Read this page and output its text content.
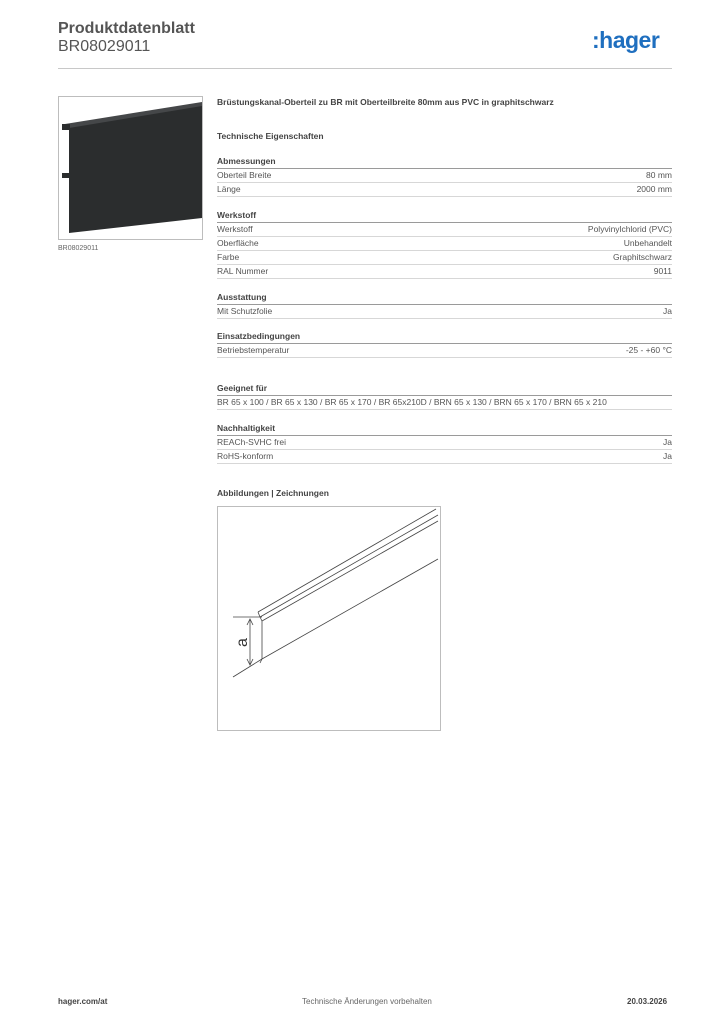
Produktdatenblatt
BR08029011	:hager
BR08029011
Brüstungskanal-Oberteil zu BR mit Oberteilbreite 80mm aus PVC in graphitschwarz
Technische Eigenschaften
Abmessungen
Oberteil Breite	80 mm
Länge	2000 mm
Werkstoff
Werkstoff	Polyvinylchlorid (PVC)
Oberfläche	Unbehandelt
Farbe	Graphitschwarz
RAL Nummer	9011
Ausstattung
Mit Schutzfolie	Ja
Einsatzbedingungen
Betriebstemperatur	-25 - +60 °C
Geeignet für
BR 65 x 100 / BR 65 x 130 / BR 65 x 170 / BR 65x210D / BRN 65 x 130 / BRN 65 x 170 / BRN 65 x 210
Nachhaltigkeit
REACh-SVHC frei	Ja
RoHS-konform	Ja
Abbildungen | Zeichnungen
a
hager.com/at	Technische Änderungen vorbehalten	20.03.2026
